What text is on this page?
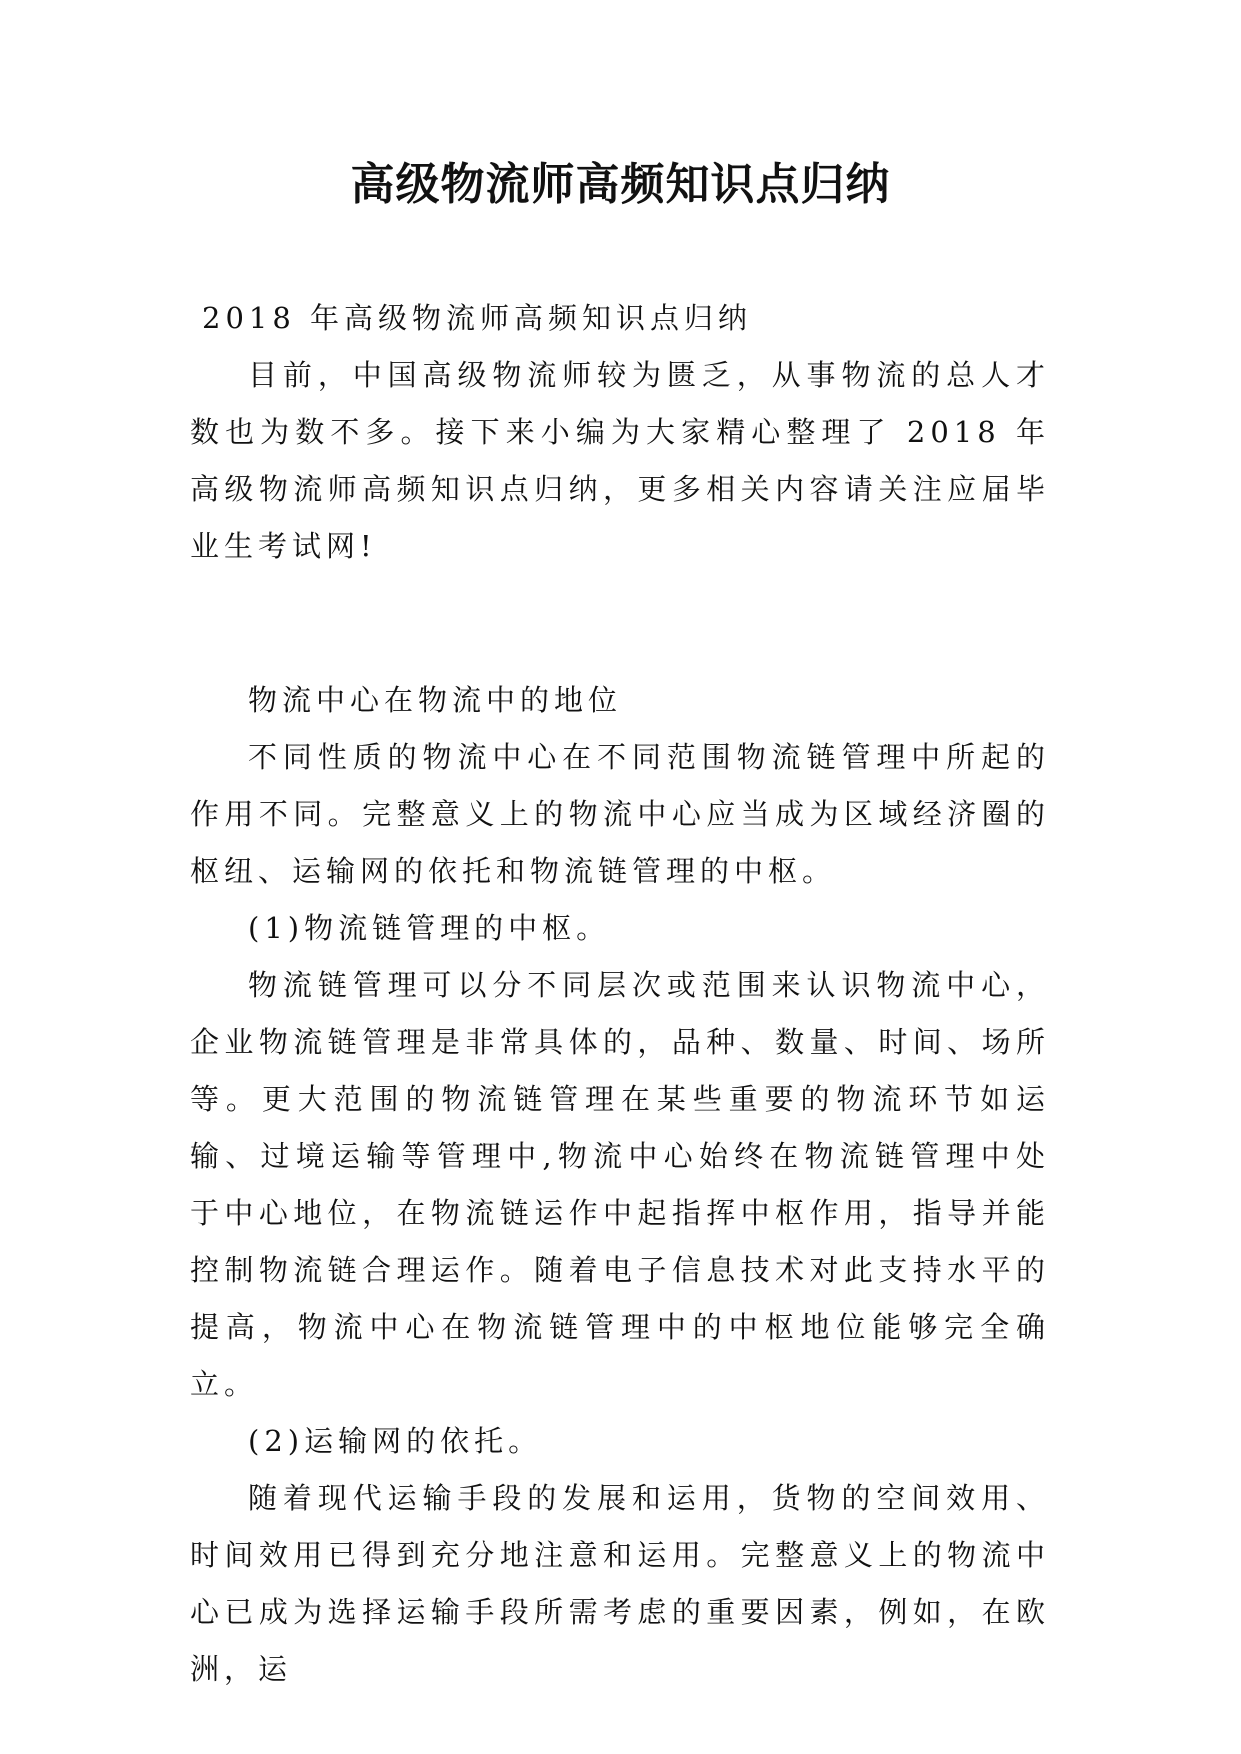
高级物流师高频知识点归纳

2018 年高级物流师高频知识点归纳

目前，中国高级物流师较为匮乏，从事物流的总人才数也为数不多。接下来小编为大家精心整理了 2018 年高级物流师高频知识点归纳，更多相关内容请关注应届毕业生考试网!

物流中心在物流中的地位

不同性质的物流中心在不同范围物流链管理中所起的作用不同。完整意义上的物流中心应当成为区域经济圈的枢纽、运输网的依托和物流链管理的中枢。

(1)物流链管理的中枢。

物流链管理可以分不同层次或范围来认识物流中心，企业物流链管理是非常具体的，品种、数量、时间、场所等。更大范围的物流链管理在某些重要的物流环节如运输、过境运输等管理中,物流中心始终在物流链管理中处于中心地位，在物流链运作中起指挥中枢作用，指导并能控制物流链合理运作。随着电子信息技术对此支持水平的提高，物流中心在物流链管理中的中枢地位能够完全确立。

(2)运输网的依托。

随着现代运输手段的发展和运用，货物的空间效用、时间效用已得到充分地注意和运用。完整意义上的物流中心已成为选择运输手段所需考虑的重要因素，例如，在欧洲，运
